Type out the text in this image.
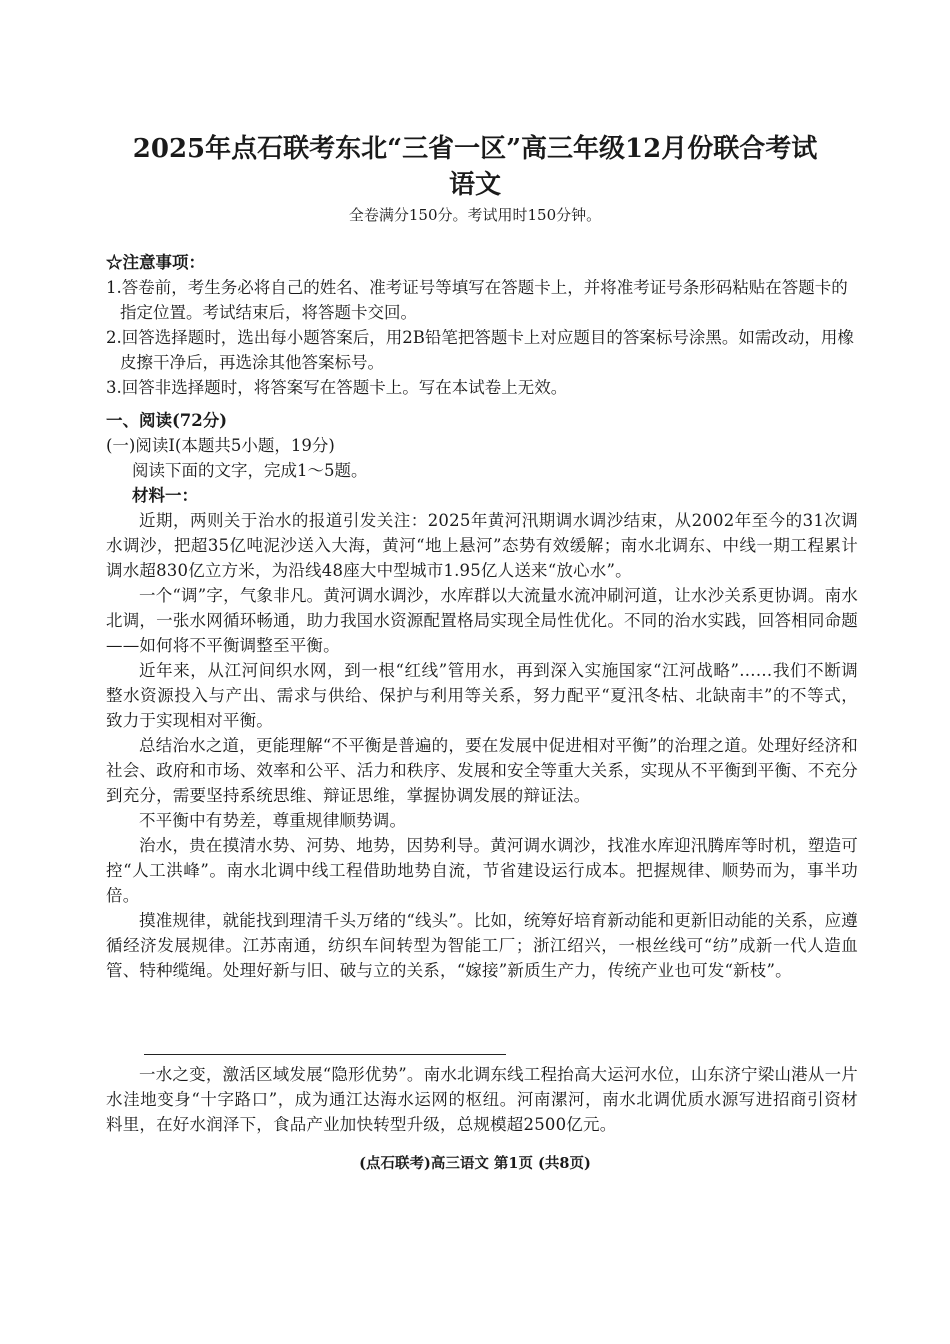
2025年点石联考东北“三省一区”高三年级12月份联合考试
语文
全卷满分150分。考试用时150分钟。
☆注意事项：
1.答卷前，考生务必将自己的姓名、准考证号等填写在答题卡上，并将准考证号条形码粘贴在答题卡的指定位置。考试结束后，将答题卡交回。
2.回答选择题时，选出每小题答案后，用2B铅笔把答题卡上对应题目的答案标号涂黑。如需改动，用橡皮擦干净后，再选涂其他答案标号。
3.回答非选择题时，将答案写在答题卡上。写在本试卷上无效。
一、阅读(72分)
(一)阅读Ⅰ(本题共5小题，19分)
阅读下面的文字，完成1～5题。
材料一：
近期，两则关于治水的报道引发关注：2025年黄河汛期调水调沙结束，从2002年至今的31次调水调沙，把超35亿吨泥沙送入大海，黄河“地上悬河”态势有效缓解；南水北调东、中线一期工程累计调水超830亿立方米，为沿线48座大中型城市1.95亿人送来“放心水”。
一个“调”字，气象非凡。黄河调水调沙，水库群以大流量水流冲刷河道，让水沙关系更协调。南水北调，一张水网循环畅通，助力我国水资源配置格局实现全局性优化。不同的治水实践，回答相同命题——如何将不平衡调整至平衡。
近年来，从江河间织水网，到一根“红线”管用水，再到深入实施国家“江河战略”……我们不断调整水资源投入与产出、需求与供给、保护与利用等关系，努力配平“夏汛冬枯、北缺南丰”的不等式，致力于实现相对平衡。
总结治水之道，更能理解“不平衡是普遍的，要在发展中促进相对平衡”的治理之道。处理好经济和社会、政府和市场、效率和公平、活力和秩序、发展和安全等重大关系，实现从不平衡到平衡、不充分到充分，需要坚持系统思维、辩证思维，掌握协调发展的辩证法。
不平衡中有势差，尊重规律顺势调。
治水，贵在摸清水势、河势、地势，因势利导。黄河调水调沙，找准水库迎汛腾库等时机，塑造可控“人工洪峰”。南水北调中线工程借助地势自流，节省建设运行成本。把握规律、顺势而为，事半功倍。
摸准规律，就能找到理清千头万绪的“线头”。比如，统筹好培育新动能和更新旧动能的关系，应遵循经济发展规律。江苏南通，纺织车间转型为智能工厂；浙江绍兴，一根丝线可“纺”成新一代人造血管、特种缆绳。处理好新与旧、破与立的关系，“嫁接”新质生产力，传统产业也可发“新枝”。
一水之变，激活区域发展“隐形优势”。南水北调东线工程抬高大运河水位，山东济宁梁山港从一片水洼地变身“十字路口”，成为通江达海水运网的枢纽。河南漯河，南水北调优质水源写进招商引资材料里，在好水润泽下，食品产业加快转型升级，总规模超2500亿元。
(点石联考)高三语文 第1页 (共8页)
